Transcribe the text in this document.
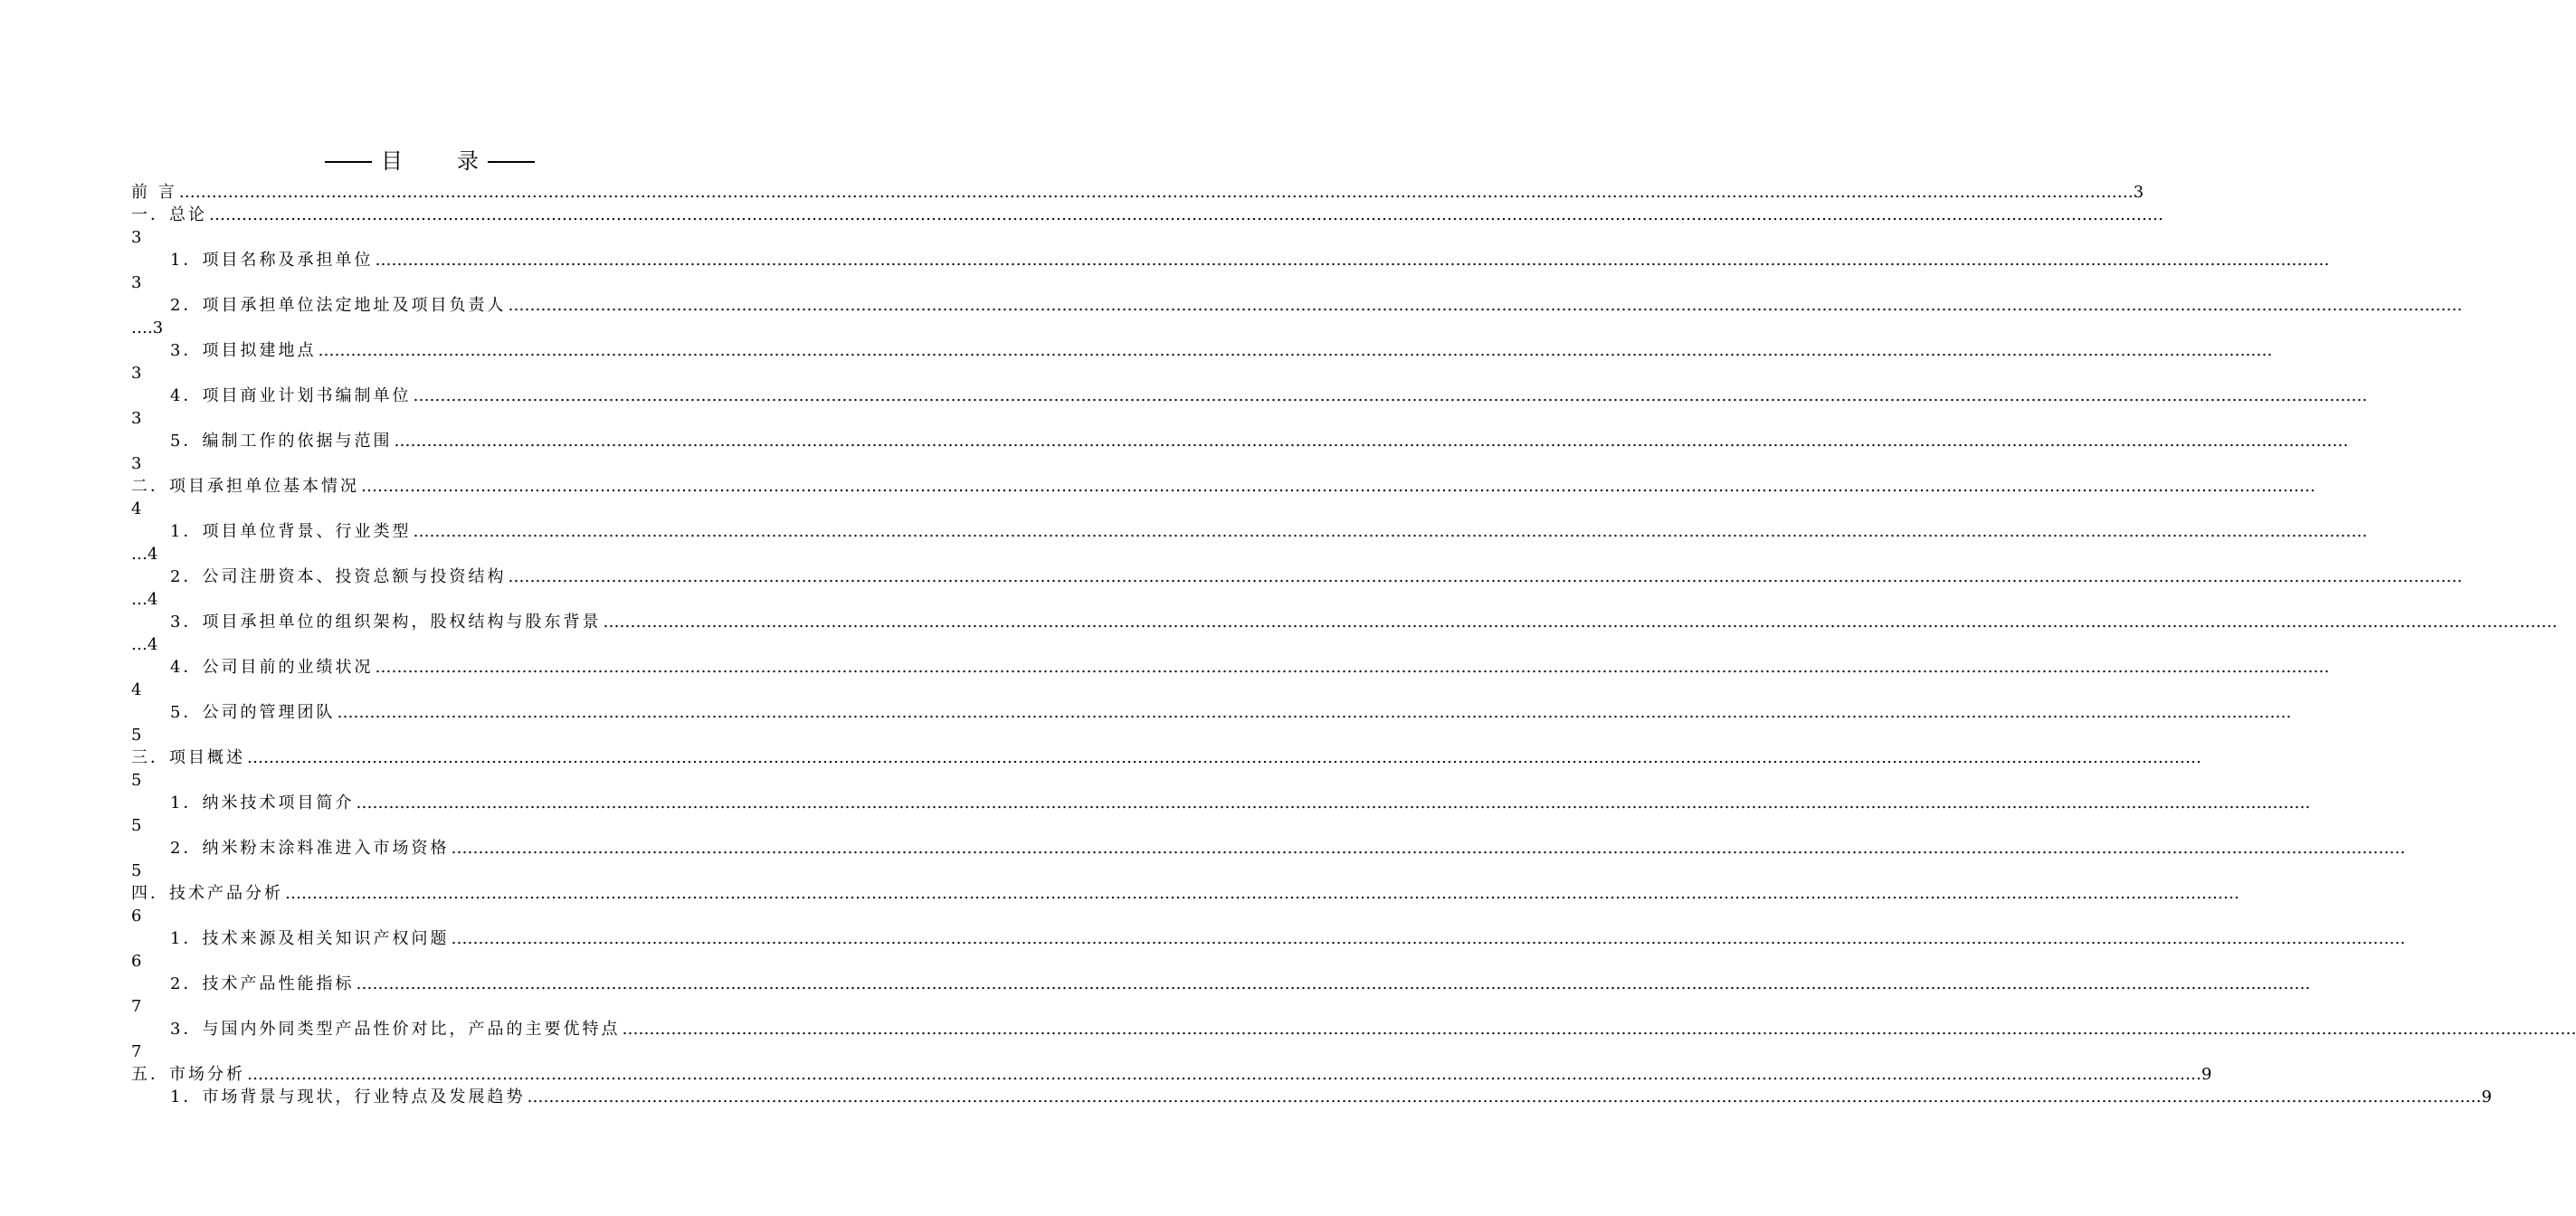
目　录
前 言 ……………………………………………………………………………………………………………………………………………………………………………………………………………………………………………………………………………………………………………………………… 3
一．总论 ………………………………………………………………………………………………………………………………………………………………………………………………………………………………………………………………………………………………………………………………
3
1．项目名称及承担单位 ………………………………………………………………………………………………………………………………………………………………………………………………………………………………………………………………………………………………………………………………
3
2．项目承担单位法定地址及项目负责人 ………………………………………………………………………………………………………………………………………………………………………………………………………………………………………………………………………………………………………………………………
….3
3．项目拟建地点 ………………………………………………………………………………………………………………………………………………………………………………………………………………………………………………………………………………………………………………………………
3
4．项目商业计划书编制单位 ………………………………………………………………………………………………………………………………………………………………………………………………………………………………………………………………………………………………………………………………
3
5．编制工作的依据与范围 ………………………………………………………………………………………………………………………………………………………………………………………………………………………………………………………………………………………………………………………………
3
二．项目承担单位基本情况 ………………………………………………………………………………………………………………………………………………………………………………………………………………………………………………………………………………………………………………………………
4
1．项目单位背景、行业类型 ………………………………………………………………………………………………………………………………………………………………………………………………………………………………………………………………………………………………………………………………
…4
2．公司注册资本、投资总额与投资结构 ………………………………………………………………………………………………………………………………………………………………………………………………………………………………………………………………………………………………………………………………
…4
3．项目承担单位的组织架构，股权结构与股东背景 ………………………………………………………………………………………………………………………………………………………………………………………………………………………………………………………………………………………………………………………………
…4
4．公司目前的业绩状况 ………………………………………………………………………………………………………………………………………………………………………………………………………………………………………………………………………………………………………………………………
4
5．公司的管理团队 ………………………………………………………………………………………………………………………………………………………………………………………………………………………………………………………………………………………………………………………………
5
三．项目概述 ………………………………………………………………………………………………………………………………………………………………………………………………………………………………………………………………………………………………………………………………
5
1．纳米技术项目简介 ………………………………………………………………………………………………………………………………………………………………………………………………………………………………………………………………………………………………………………………………
5
2．纳米粉末涂料准进入市场资格 ………………………………………………………………………………………………………………………………………………………………………………………………………………………………………………………………………………………………………………………………
5
四．技术产品分析 ………………………………………………………………………………………………………………………………………………………………………………………………………………………………………………………………………………………………………………………………
6
1．技术来源及相关知识产权问题 ………………………………………………………………………………………………………………………………………………………………………………………………………………………………………………………………………………………………………………………………
6
2．技术产品性能指标 ………………………………………………………………………………………………………………………………………………………………………………………………………………………………………………………………………………………………………………………………
7
3．与国内外同类型产品性价对比，产品的主要优特点 ………………………………………………………………………………………………………………………………………………………………………………………………………………………………………………………………………………………………………………………………
7
五．市场分析 ……………………………………………………………………………………………………………………………………………………………………………………………………………………………………………………………………………………………………………………………… 9
1．市场背景与现状，行业特点及发展趋势 ……………………………………………………………………………………………………………………………………………………………………………………………………………………………………………………………………………………………………………………………… 9
